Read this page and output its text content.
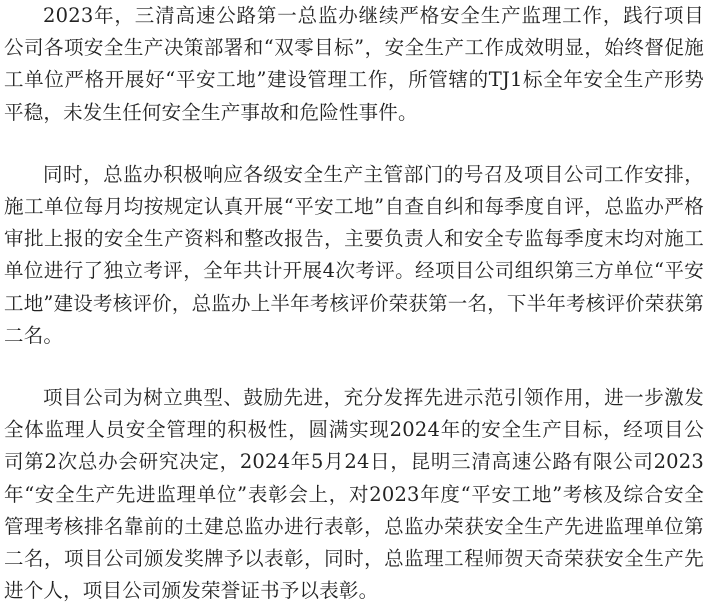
2023年，三清高速公路第一总监办继续严格安全生产监理工作，践行项目公司各项安全生产决策部署和“双零目标”，安全生产工作成效明显，始终督促施工单位严格开展好“平安工地”建设管理工作，所管辖的TJ1标全年安全生产形势平稳，未发生任何安全生产事故和危险性事件。

同时，总监办积极响应各级安全生产主管部门的号召及项目公司工作安排，施工单位每月均按规定认真开展“平安工地”自查自纠和每季度自评，总监办严格审批上报的安全生产资料和整改报告，主要负责人和安全专监每季度末均对施工单位进行了独立考评，全年共计开展4次考评。经项目公司组织第三方单位“平安工地”建设考核评价，总监办上半年考核评价荣获第一名，下半年考核评价荣获第二名。

项目公司为树立典型、鼓励先进，充分发挥先进示范引领作用，进一步激发全体监理人员安全管理的积极性，圆满实现2024年的安全生产目标，经项目公司第2次总办会研究决定，2024年5月24日，昆明三清高速公路有限公司2023年“安全生产先进监理单位”表彰会上，对2023年度“平安工地”考核及综合安全管理考核排名靠前的土建总监办进行表彰，总监办荣获安全生产先进监理单位第二名，项目公司颁发奖牌予以表彰，同时，总监理工程师贺天奇荣获安全生产先进个人，项目公司颁发荣誉证书予以表彰。
